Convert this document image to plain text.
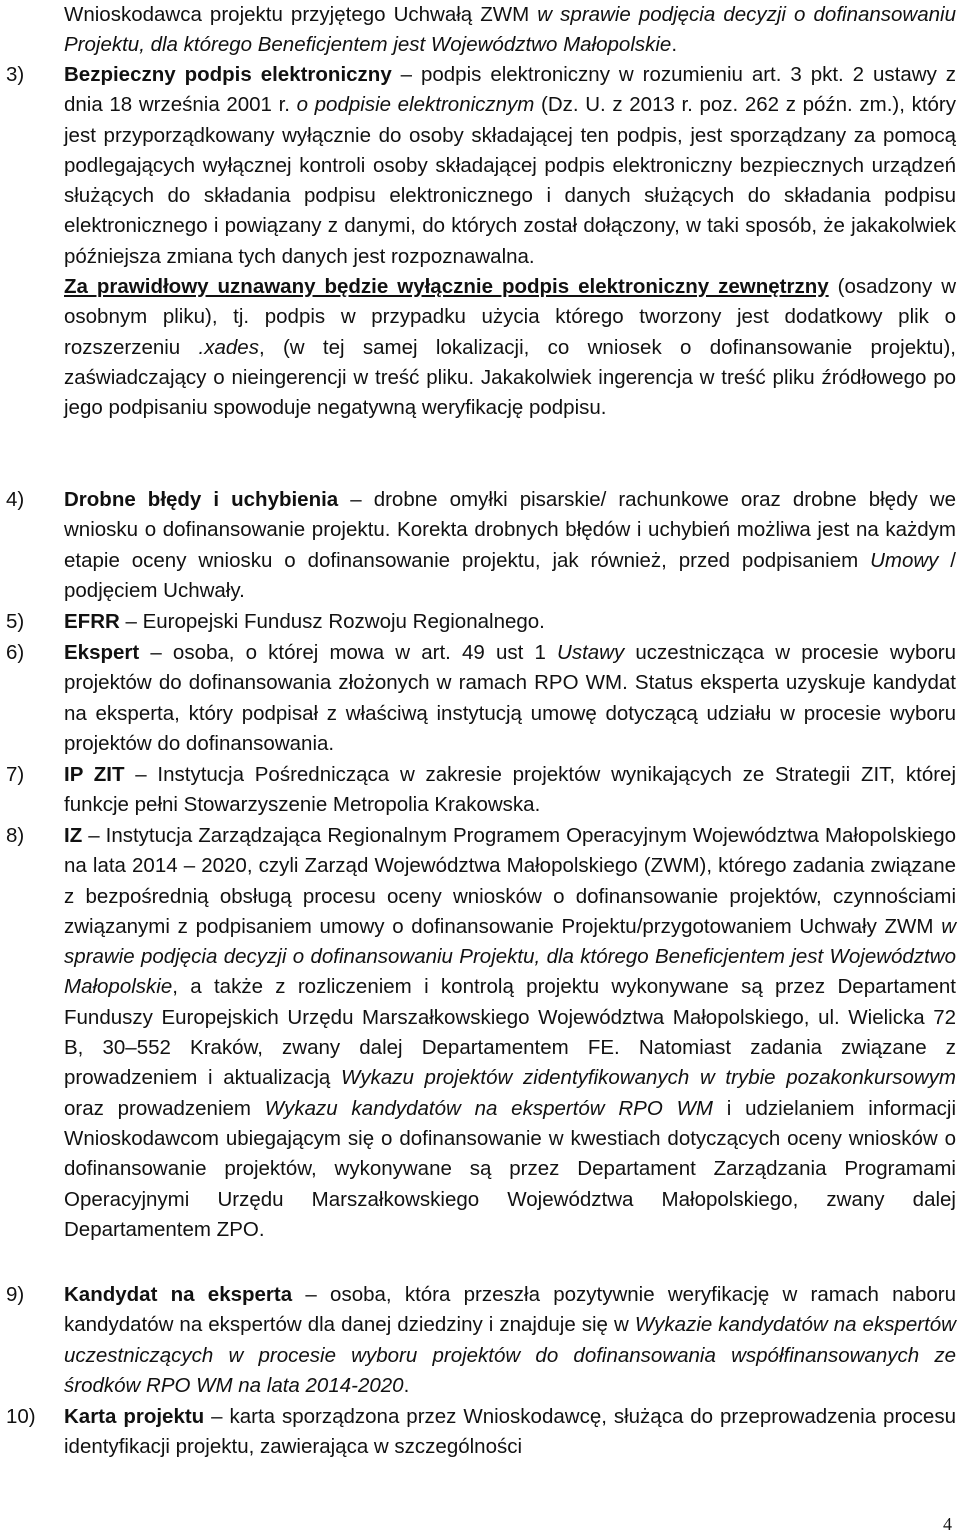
Wnioskodawca projektu przyjętego Uchwałą ZWM w sprawie podjęcia decyzji o dofinansowaniu Projektu, dla którego Beneficjentem jest Województwo Małopolskie.

3) Bezpieczny podpis elektroniczny – podpis elektroniczny w rozumieniu art. 3 pkt. 2 ustawy z dnia 18 września 2001 r. o podpisie elektronicznym (Dz. U. z 2013 r. poz. 262 z późn. zm.), który jest przyporządkowany wyłącznie do osoby składającej ten podpis, jest sporządzany za pomocą podlegających wyłącznej kontroli osoby składającej podpis elektroniczny bezpiecznych urządzeń służących do składania podpisu elektronicznego i danych służących do składania podpisu elektronicznego i powiązany z danymi, do których został dołączony, w taki sposób, że jakakolwiek późniejsza zmiana tych danych jest rozpoznawalna.

Za prawidłowy uznawany będzie wyłącznie podpis elektroniczny zewnętrzny (osadzony w osobnym pliku), tj. podpis w przypadku użycia którego tworzony jest dodatkowy plik o rozszerzeniu .xades, (w tej samej lokalizacji, co wniosek o dofinansowanie projektu), zaświadczający o nieingerencji w treść pliku. Jakakolwiek ingerencja w treść pliku źródłowego po jego podpisaniu spowoduje negatywną weryfikację podpisu.

4) Drobne błędy i uchybienia – drobne omyłki pisarskie/ rachunkowe oraz drobne błędy we wniosku o dofinansowanie projektu. Korekta drobnych błędów i uchybień możliwa jest na każdym etapie oceny wniosku o dofinansowanie projektu, jak również, przed podpisaniem Umowy / podjęciem Uchwały.

5) EFRR – Europejski Fundusz Rozwoju Regionalnego.

6) Ekspert – osoba, o której mowa w art. 49 ust 1 Ustawy uczestnicząca w procesie wyboru projektów do dofinansowania złożonych w ramach RPO WM. Status eksperta uzyskuje kandydat na eksperta, który podpisał z właściwą instytucją umowę dotyczącą udziału w procesie wyboru projektów do dofinansowania.

7) IP ZIT – Instytucja Pośrednicząca w zakresie projektów wynikających ze Strategii ZIT, której funkcje pełni Stowarzyszenie Metropolia Krakowska.

8) IZ – Instytucja Zarządzająca Regionalnym Programem Operacyjnym Województwa Małopolskiego na lata 2014 – 2020, czyli Zarząd Województwa Małopolskiego (ZWM), którego zadania związane z bezpośrednią obsługą procesu oceny wniosków o dofinansowanie projektów, czynnościami związanymi z podpisaniem umowy o dofinansowanie Projektu/przygotowaniem Uchwały ZWM w sprawie podjęcia decyzji o dofinansowaniu Projektu, dla którego Beneficjentem jest Województwo Małopolskie, a także z rozliczeniem i kontrolą projektu wykonywane są przez Departament Funduszy Europejskich Urzędu Marszałkowskiego Województwa Małopolskiego, ul. Wielicka 72 B, 30–552 Kraków, zwany dalej Departamentem FE. Natomiast zadania związane z prowadzeniem i aktualizacją Wykazu projektów zidentyfikowanych w trybie pozakonkursowym oraz prowadzeniem Wykazu kandydatów na ekspertów RPO WM i udzielaniem informacji Wnioskodawcom ubiegającym się o dofinansowanie w kwestiach dotyczących oceny wniosków o dofinansowanie projektów, wykonywane są przez Departament Zarządzania Programami Operacyjnymi Urzędu Marszałkowskiego Województwa Małopolskiego, zwany dalej Departamentem ZPO.

9) Kandydat na eksperta – osoba, która przeszła pozytywnie weryfikację w ramach naboru kandydatów na ekspertów dla danej dziedziny i znajduje się w Wykazie kandydatów na ekspertów uczestniczących w procesie wyboru projektów do dofinansowania współfinansowanych ze środków RPO WM na lata 2014-2020.

10) Karta projektu – karta sporządzona przez Wnioskodawcę, służąca do przeprowadzenia procesu identyfikacji projektu, zawierająca w szczególności

4
